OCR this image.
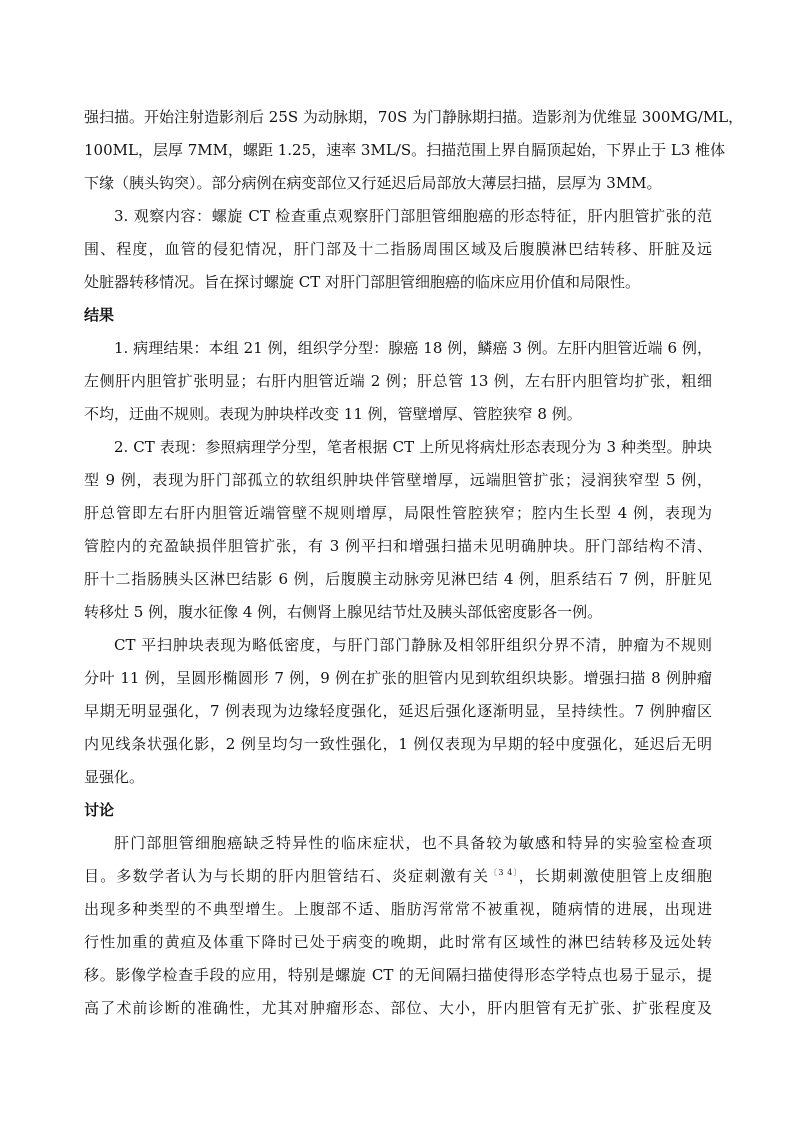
强扫描。开始注射造影剂后 25S 为动脉期，70S 为门静脉期扫描。造影剂为优维显 300MG/ML，
100ML，层厚 7MM，螺距 1.25，速率 3ML/S。扫描范围上界自膈顶起始，下界止于 L3 椎体
下缘（胰头钩突）。部分病例在病变部位又行延迟后局部放大薄层扫描，层厚为 3MM。
3. 观察内容：螺旋 CT 检查重点观察肝门部胆管细胞癌的形态特征，肝内胆管扩张的范
围、程度，血管的侵犯情况，肝门部及十二指肠周围区域及后腹膜淋巴结转移、肝脏及远
处脏器转移情况。旨在探讨螺旋 CT 对肝门部胆管细胞癌的临床应用价值和局限性。
结果
1. 病理结果：本组 21 例，组织学分型：腺癌 18 例，鳞癌 3 例。左肝内胆管近端 6 例，
左侧肝内胆管扩张明显；右肝内胆管近端 2 例；肝总管 13 例，左右肝内胆管均扩张，粗细
不均，迂曲不规则。表现为肿块样改变 11 例，管壁增厚、管腔狭窄 8 例。
2. CT 表现：参照病理学分型，笔者根据 CT 上所见将病灶形态表现分为 3 种类型。肿块
型 9 例，表现为肝门部孤立的软组织肿块伴管壁增厚，远端胆管扩张；浸润狭窄型 5 例，
肝总管即左右肝内胆管近端管壁不规则增厚，局限性管腔狭窄；腔内生长型 4 例，表现为
管腔内的充盈缺损伴胆管扩张，有 3 例平扫和增强扫描未见明确肿块。肝门部结构不清、
肝十二指肠胰头区淋巴结影 6 例，后腹膜主动脉旁见淋巴结 4 例，胆系结石 7 例，肝脏见
转移灶 5 例，腹水征像 4 例，右侧肾上腺见结节灶及胰头部低密度影各一例。
CT 平扫肿块表现为略低密度，与肝门部门静脉及相邻肝组织分界不清，肿瘤为不规则
分叶 11 例，呈圆形椭圆形 7 例，9 例在扩张的胆管内见到软组织块影。增强扫描 8 例肿瘤
早期无明显强化，7 例表现为边缘轻度强化，延迟后强化逐渐明显，呈持续性。7 例肿瘤区
内见线条状强化影，2 例呈均匀一致性强化，1 例仅表现为早期的轻中度强化，延迟后无明
显强化。
讨论
肝门部胆管细胞癌缺乏特异性的临床症状，也不具备较为敏感和特异的实验室检查项
目。多数学者认为与长期的肝内胆管结石、炎症刺激有关$^{〔3 4〕}$，长期刺激使胆管上皮细胞
出现多种类型的不典型增生。上腹部不适、脂肪泻常常不被重视，随病情的进展，出现进
行性加重的黄疸及体重下降时已处于病变的晚期，此时常有区域性的淋巴结转移及远处转
移。影像学检查手段的应用，特别是螺旋 CT 的无间隔扫描使得形态学特点也易于显示，提
高了术前诊断的准确性，尤其对肿瘤形态、部位、大小，肝内胆管有无扩张、扩张程度及
